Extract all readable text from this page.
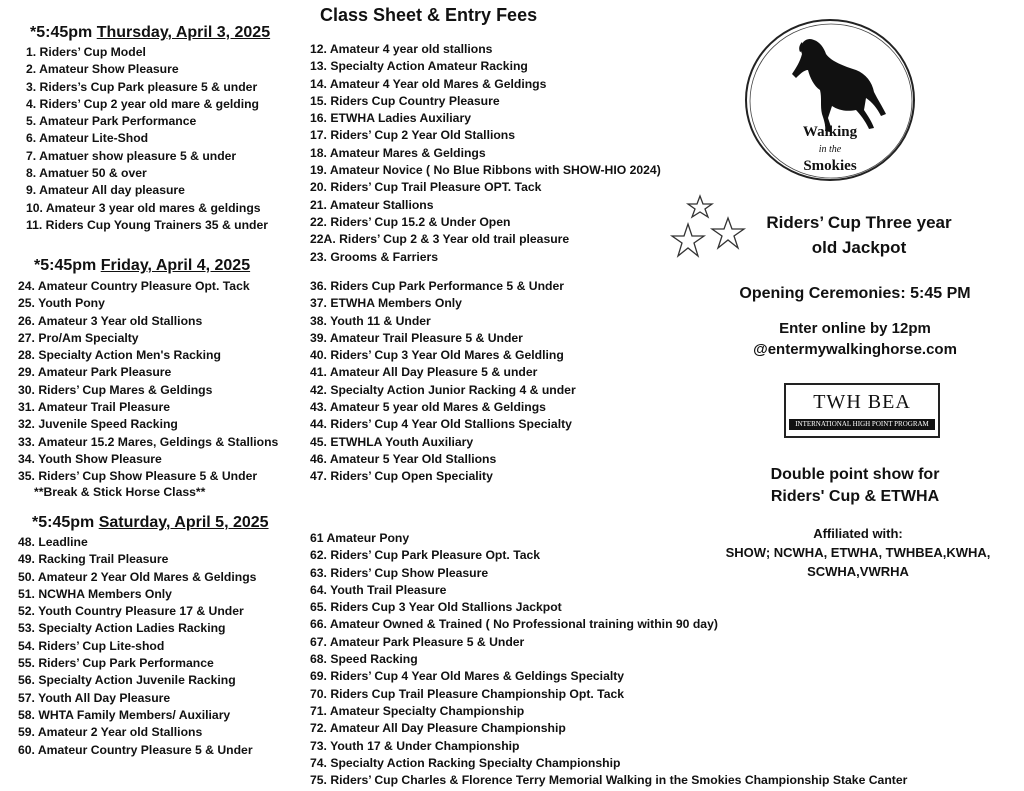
Class Sheet & Entry Fees
*5:45pm Thursday, April 3, 2025
1. Riders’ Cup Model
2. Amateur Show Pleasure
3. Riders’s Cup Park pleasure 5 & under
4. Riders’ Cup 2 year old mare & gelding
5. Amateur Park Performance
6. Amateur Lite-Shod
7. Amatuer show pleasure 5 & under
8. Amatuer 50 & over
9. Amateur All day pleasure
10. Amateur 3 year old mares & geldings
11. Riders Cup Young Trainers 35 & under
*5:45pm Friday, April 4, 2025
24. Amateur Country Pleasure Opt. Tack
25. Youth Pony
26. Amateur 3 Year old Stallions
27. Pro/Am Specialty
28. Specialty Action Men's Racking
29. Amateur Park Pleasure
30. Riders’ Cup Mares & Geldings
31. Amateur Trail Pleasure
32. Juvenile Speed Racking
33. Amateur 15.2 Mares, Geldings & Stallions
34. Youth Show Pleasure
35. Riders’ Cup Show Pleasure 5 & Under
**Break & Stick Horse Class**
*5:45pm Saturday, April 5, 2025
48. Leadline
49. Racking Trail Pleasure
50. Amateur 2 Year Old Mares & Geldings
51. NCWHA Members Only
52. Youth Country Pleasure 17 & Under
53. Specialty Action Ladies Racking
54. Riders’ Cup Lite-shod
55. Riders’ Cup Park Performance
56. Specialty Action Juvenile Racking
57. Youth All Day Pleasure
58. WHTA Family Members/ Auxiliary
59. Amateur 2 Year old Stallions
60. Amateur Country Pleasure 5 & Under
12. Amateur 4 year old stallions
13. Specialty Action Amateur Racking
14. Amateur 4 Year old Mares & Geldings
15. Riders Cup Country Pleasure
16. ETWHA Ladies Auxiliary
17. Riders’ Cup 2 Year Old Stallions
18. Amateur Mares & Geldings
19. Amateur Novice ( No Blue Ribbons with SHOW-HIO 2024)
20. Riders’ Cup Trail Pleasure OPT. Tack
21. Amateur Stallions
22. Riders’ Cup 15.2 & Under Open
22A. Riders’ Cup 2 & 3 Year old trail pleasure
23. Grooms & Farriers
36. Riders Cup Park Performance 5 & Under
37. ETWHA Members Only
38. Youth 11 & Under
39. Amateur Trail Pleasure 5 & Under
40. Riders’ Cup 3 Year Old Mares & Geldling
41. Amateur All Day Pleasure 5 & under
42. Specialty Action Junior Racking 4 & under
43. Amateur 5 year old Mares & Geldings
44. Riders’ Cup 4 Year Old Stallions Specialty
45. ETWHLA Youth Auxiliary
46. Amateur 5 Year Old Stallions
47. Riders’ Cup Open Speciality
61 Amateur Pony
62. Riders’ Cup Park Pleasure Opt. Tack
63. Riders’ Cup Show Pleasure
64. Youth Trail Pleasure
65. Riders Cup 3 Year Old Stallions Jackpot
66. Amateur Owned & Trained ( No Professional training within 90 day)
67. Amateur Park Pleasure 5 & Under
68. Speed Racking
69. Riders’ Cup 4 Year Old Mares & Geldings Specialty
70. Riders Cup Trail Pleasure Championship Opt. Tack
71. Amateur Specialty Championship
72. Amateur All Day Pleasure Championship
73. Youth 17 & Under Championship
74. Specialty Action Racking Specialty Championship
75. Riders’ Cup Charles & Florence Terry Memorial Walking in the Smokies Championship Stake Canter
Walking
in the
Smokies
Riders’ Cup Three year
old Jackpot
Opening Ceremonies: 5:45 PM
Enter online by 12pm
@entermywalkinghorse.com
TWH BEA
INTERNATIONAL HIGH POINT PROGRAM
Double point show for
Riders' Cup & ETWHA
Affiliated with:
SHOW; NCWHA, ETWHA, TWHBEA,KWHA,
SCWHA,VWRHA
